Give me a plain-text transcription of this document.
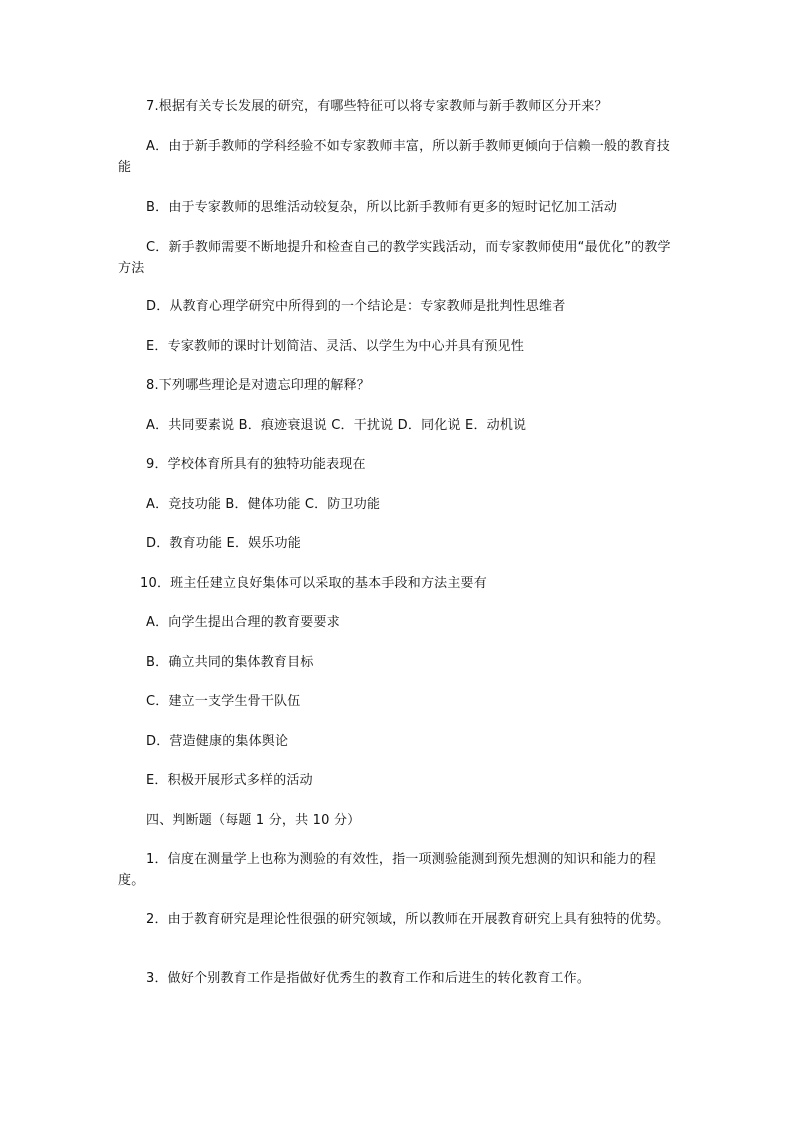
7.根据有关专长发展的研究，有哪些特征可以将专家教师与新手教师区分开来？
A．由于新手教师的学科经验不如专家教师丰富，所以新手教师更倾向于信赖一般的教育技能
B．由于专家教师的思维活动较复杂，所以比新手教师有更多的短时记忆加工活动
C．新手教师需要不断地提升和检查自己的教学实践活动，而专家教师使用“最优化”的教学方法
D．从教育心理学研究中所得到的一个结论是：专家教师是批判性思维者
E．专家教师的课时计划简洁、灵活、以学生为中心并具有预见性
8.下列哪些理论是对遗忘印理的解释？
A．共同要素说 B．痕迹衰退说 C．干扰说 D．同化说 E．动机说
9．学校体育所具有的独特功能表现在
A．竞技功能 B．健体功能 C．防卫功能
D．教育功能 E．娱乐功能
10．班主任建立良好集体可以采取的基本手段和方法主要有
A．向学生提出合理的教育要要求
B．确立共同的集体教育目标
C．建立一支学生骨干队伍
D．营造健康的集体舆论
E．积极开展形式多样的活动
四、判断题（每题 1 分，共 10 分）
1．信度在测量学上也称为测验的有效性，指一项测验能测到预先想测的知识和能力的程度。
2．由于教育研究是理论性很强的研究领域，所以教师在开展教育研究上具有独特的优势。
3．做好个别教育工作是指做好优秀生的教育工作和后进生的转化教育工作。
